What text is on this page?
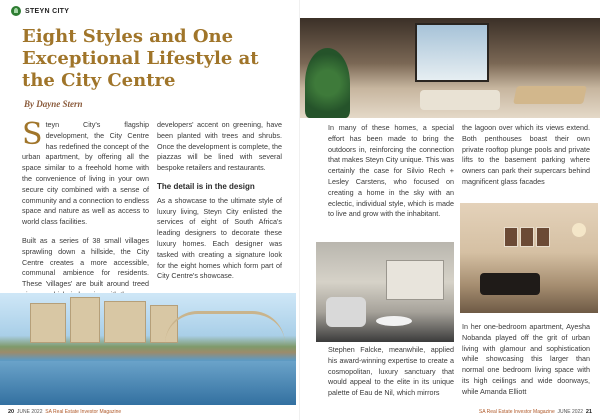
STEYN CITY
Eight Styles and One Exceptional Lifestyle at the City Centre
By Dayne Stern

Steyn City's flagship development, the City Centre has redefined the concept of the urban apartment, by offering all the space similar to a freehold home with the convenience of living in your own secure city combined with a sense of community and a connection to endless space and nature as well as access to world class facilities.

Built as a series of 38 small villages sprawling down a hillside, the City Centre creates a more accessible, communal ambience for residents. These 'villages' are built around treed

developers' accent on greening, have been planted with trees and shrubs. Once the development is complete, the piazzas will be lined with several bespoke retailers and restaurants.

The detail is in the design

As a showcase to the ultimate style of luxury living, Steyn City enlisted the services of eight of South Africa's leading designers to decorate these luxury homes. Each designer was tasked with creating a signature look for the eight homes which form part of City Centre's showcase.

20 JUNE 2022 SA Real Estate Investor Magazine

In many of these homes, a special effort has been made to bring the outdoors in, reinforcing the connection that makes Steyn City unique. This was certainly the case for Silvio Rech + Lesley Carstens, who focused on creating a home in the sky with an eclectic, individual style, which is made to live and grow with the inhabitant.

Stephen Falcke, meanwhile, applied his award-winning expertise to create a cosmopolitan, luxury sanctuary that would appeal to the elite in its unique palette of Eau de Nil, which mirrors

the lagoon over which its views extend. Both penthouses boast their own private rooftop plunge pools and private lifts to the basement parking where owners can park their supercars behind magnificent glass facades

In her one-bedroom apartment, Ayesha Nobanda played off the grit of urban living with glamour and sophistication while showcasing this larger than normal one bedroom living space with its high ceilings and wide doorways, while Amanda Elliott

SA Real Estate Investor Magazine JUNE 2022 21
